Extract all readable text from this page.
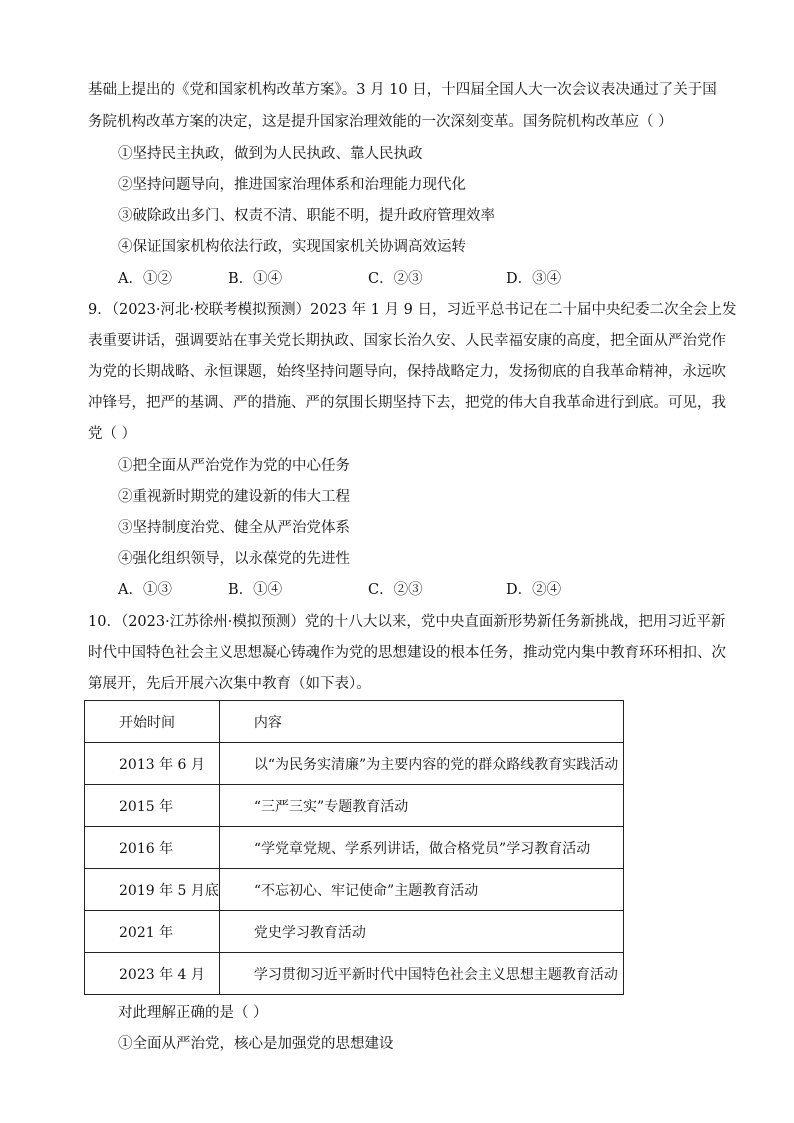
基础上提出的《党和国家机构改革方案》。3 月 10 日，十四届全国人大一次会议表决通过了关于国
务院机构改革方案的决定，这是提升国家治理效能的一次深刻变革。国务院机构改革应（ ）
①坚持民主执政，做到为人民执政、靠人民执政
②坚持问题导向，推进国家治理体系和治理能力现代化
③破除政出多门、权责不清、职能不明，提升政府管理效率
④保证国家机构依法行政，实现国家机关协调高效运转
A．①②	B．①④	C．②③	D．③④
9．（2023·河北·校联考模拟预测）2023 年 1 月 9 日，习近平总书记在二十届中央纪委二次全会上发
表重要讲话，强调要站在事关党长期执政、国家长治久安、人民幸福安康的高度，把全面从严治党作
为党的长期战略、永恒课题，始终坚持问题导向，保持战略定力，发扬彻底的自我革命精神，永远吹
冲锋号，把严的基调、严的措施、严的氛围长期坚持下去，把党的伟大自我革命进行到底。可见，我
党（ ）
①把全面从严治党作为党的中心任务
②重视新时期党的建设新的伟大工程
③坚持制度治党、健全从严治党体系
④强化组织领导，以永葆党的先进性
A．①③	B．①④	C．②③	D．②④
10．（2023·江苏徐州·模拟预测）党的十八大以来，党中央直面新形势新任务新挑战，把用习近平新
时代中国特色社会主义思想凝心铸魂作为党的思想建设的根本任务，推动党内集中教育环环相扣、次
第展开，先后开展六次集中教育（如下表）。
开始时间	内容
2013 年 6 月	以“为民务实清廉”为主要内容的党的群众路线教育实践活动
2015 年	“三严三实”专题教育活动
2016 年	“学党章党规、学系列讲话，做合格党员”学习教育活动
2019 年 5 月底	“不忘初心、牢记使命”主题教育活动
2021 年	党史学习教育活动
2023 年 4 月	学习贯彻习近平新时代中国特色社会主义思想主题教育活动
对此理解正确的是（ ）
①全面从严治党，核心是加强党的思想建设
